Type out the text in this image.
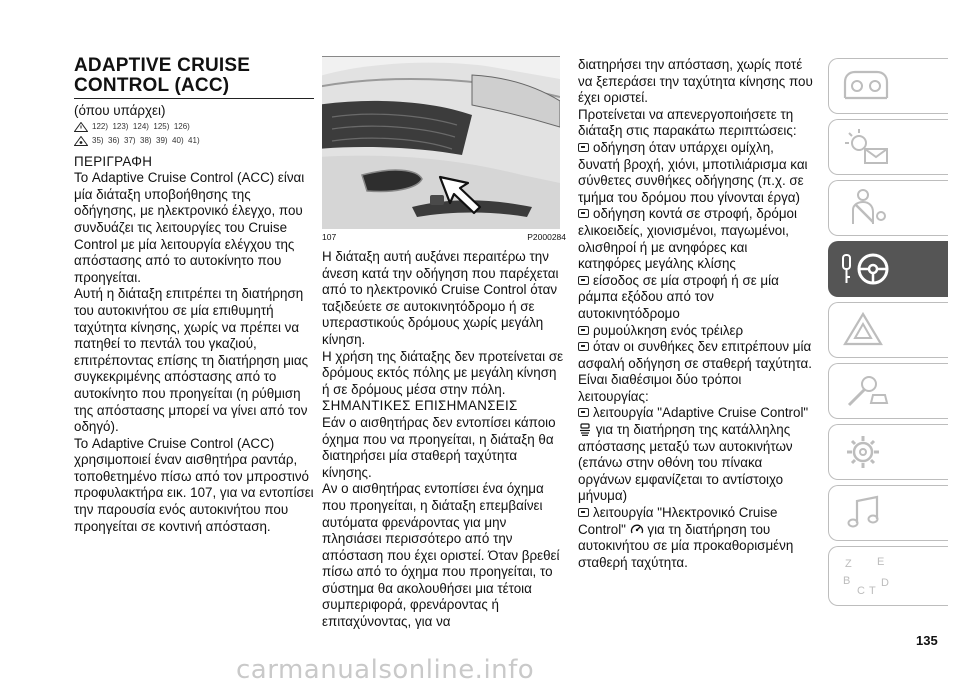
ADAPTIVE CRUISE
CONTROL (ACC)

(όπου υπάρχει)

122)  123)  124)  125)  126)
35)  36)  37)  38)  39)  40)  41)

ΠΕΡΙΓΡΑΦΗ

Το Adaptive Cruise Control (ACC) είναι μία διάταξη υποβοήθησης της οδήγησης, με ηλεκτρονικό έλεγχο, που συνδυάζει τις λειτουργίες του Cruise Control με μία λειτουργία ελέγχου της απόστασης από το αυτοκίνητο που προηγείται.

Αυτή η διάταξη επιτρέπει τη διατήρηση του αυτοκινήτου σε μία επιθυμητή ταχύτητα κίνησης, χωρίς να πρέπει να πατηθεί το πεντάλ του γκαζιού, επιτρέποντας επίσης τη διατήρηση μιας συγκεκριμένης απόστασης από το αυτοκίνητο που προηγείται (η ρύθμιση της απόστασης μπορεί να γίνει από τον οδηγό).

Το Adaptive Cruise Control (ACC) χρησιμοποιεί έναν αισθητήρα ραντάρ, τοποθετημένο πίσω από τον μπροστινό προφυλακτήρα εικ. 107, για να εντοπίσει την παρουσία ενός αυτοκινήτου που προηγείται σε κοντινή απόσταση.

107	P2000284

Η διάταξη αυτή αυξάνει περαιτέρω την άνεση κατά την οδήγηση που παρέχεται από το ηλεκτρονικό Cruise Control όταν ταξιδεύετε σε αυτοκινητόδρομο ή σε υπεραστικούς δρόμους χωρίς μεγάλη κίνηση.

Η χρήση της διάταξης δεν προτείνεται σε δρόμους εκτός πόλης με μεγάλη κίνηση ή σε δρόμους μέσα στην πόλη.

ΣΗΜΑΝΤΙΚΕΣ ΕΠΙΣΗΜΑΝΣΕΙΣ

Εάν ο αισθητήρας δεν εντοπίσει κάποιο όχημα που να προηγείται, η διάταξη θα διατηρήσει μία σταθερή ταχύτητα κίνησης.

Αν ο αισθητήρας εντοπίσει ένα όχημα που προηγείται, η διάταξη επεμβαίνει αυτόματα φρενάροντας για μην πλησιάσει περισσότερο από την απόσταση που έχει οριστεί. Όταν βρεθεί πίσω από το όχημα που προηγείται, το σύστημα θα ακολουθήσει μια τέτοια συμπεριφορά, φρενάροντας ή επιταχύνοντας, για να

διατηρήσει την απόσταση, χωρίς ποτέ να ξεπεράσει την ταχύτητα κίνησης που έχει οριστεί.

Προτείνεται να απενεργοποιήσετε τη διάταξη στις παρακάτω περιπτώσεις:

οδήγηση όταν υπάρχει ομίχλη, δυνατή βροχή, χιόνι, μποτιλιάρισμα και σύνθετες συνθήκες οδήγησης (π.χ. σε τμήμα του δρόμου που γίνονται έργα)

οδήγηση κοντά σε στροφή, δρόμοι ελικοειδείς, χιονισμένοι, παγωμένοι, ολισθηροί ή με ανηφόρες και κατηφόρες μεγάλης κλίσης

είσοδος σε μία στροφή ή σε μία ράμπα εξόδου από τον αυτοκινητόδρομο

ρυμούλκηση ενός τρέιλερ

όταν οι συνθήκες δεν επιτρέπουν μία ασφαλή οδήγηση σε σταθερή ταχύτητα.

Είναι διαθέσιμοι δύο τρόποι λειτουργίας:

λειτουργία "Adaptive Cruise Control"
για τη διατήρηση της κατάλληλης απόστασης μεταξύ των αυτοκινήτων (επάνω στην οθόνη του πίνακα οργάνων εμφανίζεται το αντίστοιχο μήνυμα)

λειτουργία "Ηλεκτρονικό Cruise Control" για τη διατήρηση του αυτοκινήτου σε μία προκαθορισμένη σταθερή ταχύτητα.	Z E
B
C T
D
135
carmanualsonline.info
